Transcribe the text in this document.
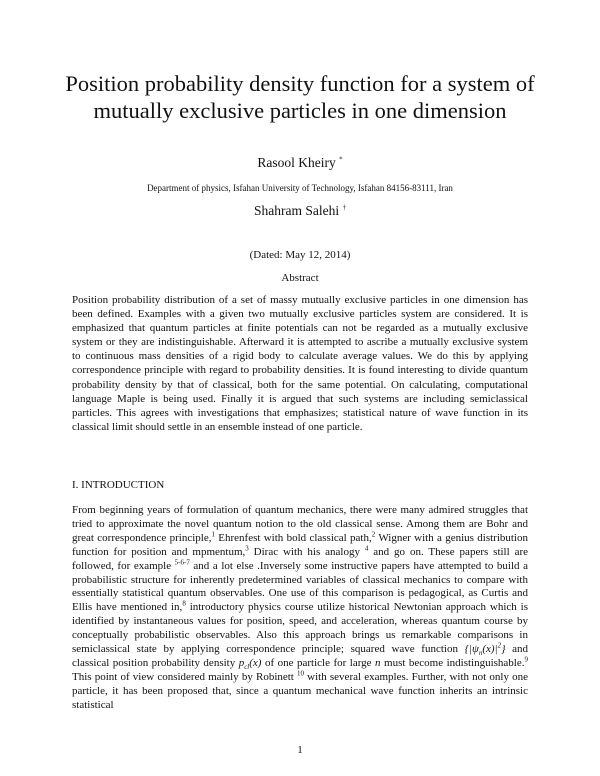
Position probability density function for a system of
mutually exclusive particles in one dimension
Rasool Kheiry *
Department of physics, Isfahan University of Technology, Isfahan 84156-83111, Iran
Shahram Salehi †
(Dated: May 12, 2014)
Abstract
Position probability distribution of a set of massy mutually exclusive particles in one dimension has been defined. Examples with a given two mutually exclusive particles system are considered. It is emphasized that quantum particles at finite potentials can not be regarded as a mutually exclusive system or they are indistinguishable. Afterward it is attempted to ascribe a mutually exclusive system to continuous mass densities of a rigid body to calculate average values. We do this by applying correspondence principle with regard to probability densities. It is found interesting to divide quantum probability density by that of classical, both for the same potential. On calculating, computational language Maple is being used. Finally it is argued that such systems are including semiclassical particles. This agrees with investigations that emphasizes; statistical nature of wave function in its classical limit should settle in an ensemble instead of one particle.
I. INTRODUCTION

From beginning years of formulation of quantum mechanics, there were many admired struggles that tried to approximate the novel quantum notion to the old classical sense. Among them are Bohr and great correspondence principle,$^1$ Ehrenfest with bold classical path,$^2$ Wigner with a genius distribution function for position and mpmentum,$^3$ Dirac with his analogy $^4$ and go on. These papers still are followed, for example $^{5-6-7}$ and a lot else .Inversely some instructive papers have attempted to build a probabilistic structure for inherently predetermined variables of classical mechanics to compare with essentially statistical quantum observables. One use of this comparison is pedagogical, as Curtis and Ellis have mentioned in,$^8$ introductory physics course utilize historical Newtonian approach which is identified by instantaneous values for position, speed, and acceleration, whereas quantum course by conceptually probabilistic observables. Also this approach brings us remarkable comparisons in semiclassical state by applying correspondence principle; squared wave function $\{|\psi_n(x)|^2\}$ and classical position probability density $p_{cl}(x)$ of one particle for large n must become indistinguishable.$^9$ This point of view considered mainly by Robinett $^{10}$ with several examples. Further, with not only one particle, it has been proposed that, since a quantum mechanical wave function inherits an intrinsic statistical

1
